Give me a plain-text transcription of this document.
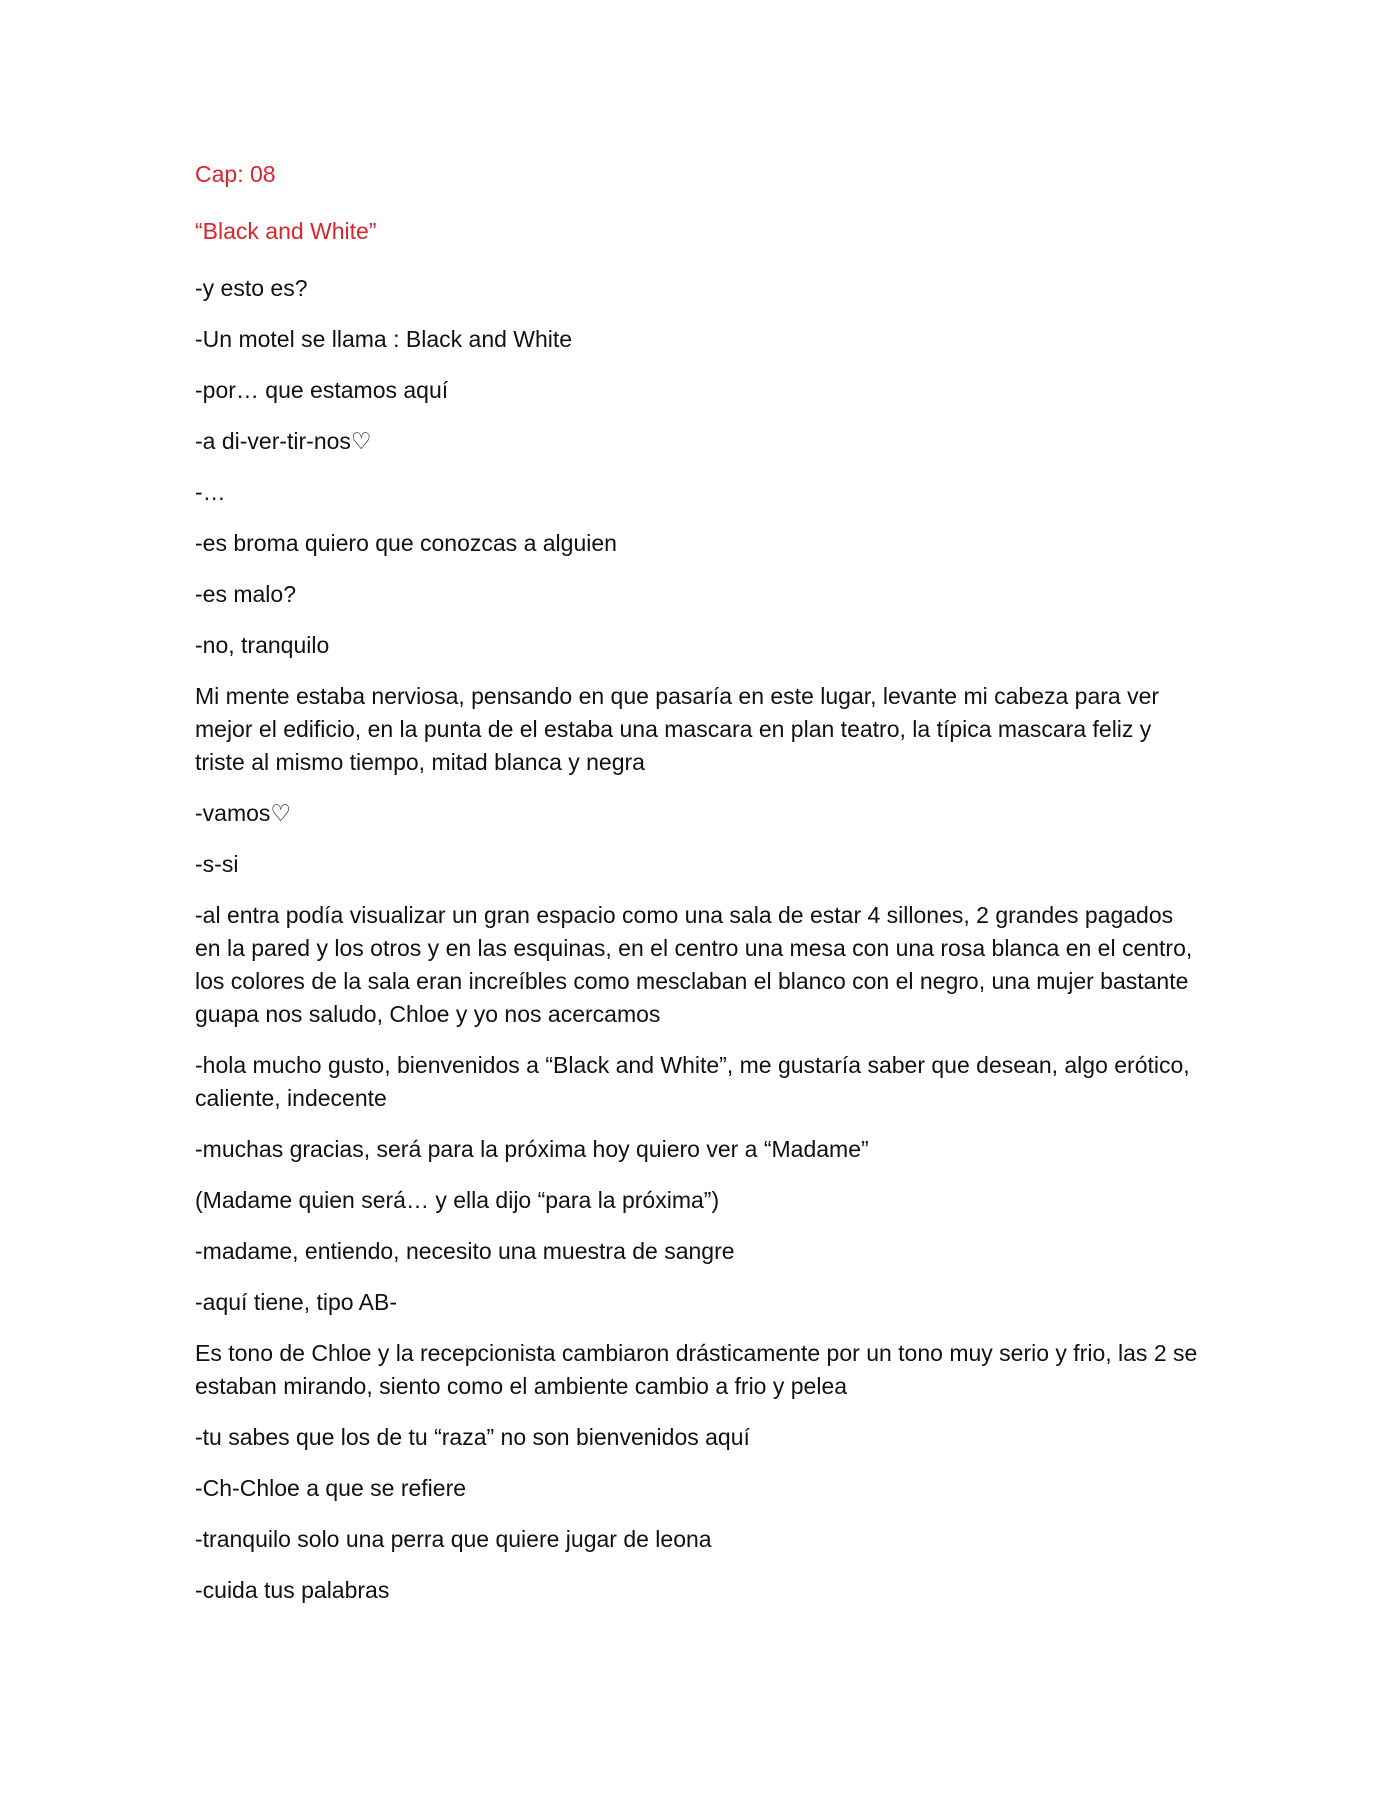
Cap: 08

“Black and White”

-y esto es?

-Un motel se llama : Black and White

-por… que estamos aquí

-a di-ver-tir-nos♡

-…

-es broma quiero que conozcas a alguien

-es malo?

-no, tranquilo

Mi mente estaba nerviosa, pensando en que pasaría en este lugar, levante mi cabeza para ver mejor el edificio, en la punta de el estaba una mascara en plan teatro, la típica mascara feliz y triste al mismo tiempo, mitad blanca y negra

-vamos♡

-s-si

-al entra podía visualizar un gran espacio como una sala de estar 4 sillones, 2 grandes pagados en la pared y los otros y en las esquinas, en el centro una mesa con una rosa blanca en el centro, los colores de la sala eran increíbles como mesclaban el blanco con el negro, una mujer bastante guapa nos saludo, Chloe y yo nos acercamos

-hola mucho gusto, bienvenidos a “Black and White”, me gustaría saber que desean, algo erótico, caliente, indecente

-muchas gracias, será para la próxima hoy quiero ver a “Madame”

(Madame quien será… y ella dijo “para la próxima”)

-madame, entiendo, necesito una muestra de sangre

-aquí tiene, tipo AB-

Es tono de Chloe y la recepcionista cambiaron drásticamente por un tono muy serio y frio, las 2 se estaban mirando, siento como el ambiente cambio a frio y pelea

-tu sabes que los de tu “raza” no son bienvenidos aquí

-Ch-Chloe a que se refiere

-tranquilo solo una perra que quiere jugar de leona

-cuida tus palabras
